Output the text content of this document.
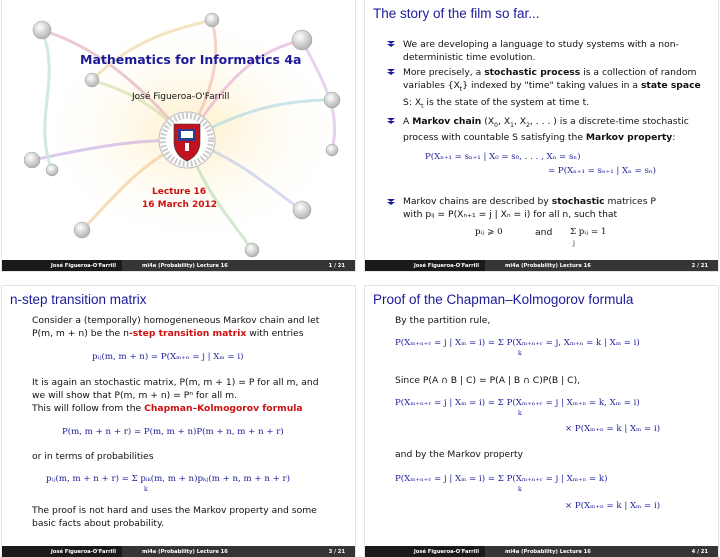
Mathematics for Informatics 4a
José Figueroa-O'Farrill
Lecture 16
16 March 2012
José Figueroa-O'Farrill	mi4a (Probability) Lecture 16	1 / 21
The story of the film so far...
We are developing a language to study systems with a non-deterministic time evolution.
More precisely, a stochastic process is a collection of random variables $\{X_t\}$ indexed by "time" taking values in a state space S: $X_t$ is the state of the system at time t.
A Markov chain ($X_0$, $X_1$, $X_2$, . . . ) is a discrete-time stochastic process with countable S satisfying the Markov property:
P(Xₙ₊₁ = sₙ₊₁ | X₀ = s₀, . . . , Xₙ = sₙ)
= P(Xₙ₊₁ = sₙ₊₁ | Xₙ = sₙ)
Markov chains are described by stochastic matrices P
with pᵢⱼ = P(Xₙ₊₁ = j | Xₙ = i) for all n, such that
pᵢⱼ ⩾ 0	and Σ pᵢⱼ = 1
j
José Figueroa-O'Farrill	mi4a (Probability) Lecture 16	2 / 21
n-step transition matrix
Consider a (temporally) homogeneneous Markov chain and let
P(m, m + n) be the n-step transition matrix with entries
pᵢⱼ(m, m + n) = P(Xₘ₊ₙ = j | Xₘ = i)
It is again an stochastic matrix, P(m, m + 1) = P for all m, and
we will show that P(m, m + n) = Pⁿ for all m.
This will follow from the Chapman–Kolmogorov formula
P(m, m + n + r) = P(m, m + n)P(m + n, m + n + r)
or in terms of probabilities
pᵢⱼ(m, m + n + r) = Σ pᵢₖ(m, m + n)pₖⱼ(m + n, m + n + r)
k
The proof is not hard and uses the Markov property and some
basic facts about probability.
José Figueroa-O'Farrill	mi4a (Probability) Lecture 16	3 / 21
Proof of the Chapman–Kolmogorov formula
By the partition rule,
P(Xₘ₊ₙ₊ᵣ = j | Xₘ = i) = Σ P(Xₘ₊ₙ₊ᵣ = j, Xₘ₊ₙ = k | Xₘ = i)
k
Since P(A ∩ B | C) = P(A | B ∩ C)P(B | C),
P(Xₘ₊ₙ₊ᵣ = j | Xₘ = i) = Σ P(Xₘ₊ₙ₊ᵣ = j | Xₘ₊ₙ = k, Xₘ = i)
k
× P(Xₘ₊ₙ = k | Xₘ = i)
and by the Markov property
P(Xₘ₊ₙ₊ᵣ = j | Xₘ = i) = Σ P(Xₘ₊ₙ₊ᵣ = j | Xₘ₊ₙ = k)
k
× P(Xₘ₊ₙ = k | Xₘ = i)
José Figueroa-O'Farrill	mi4a (Probability) Lecture 16	4 / 21
